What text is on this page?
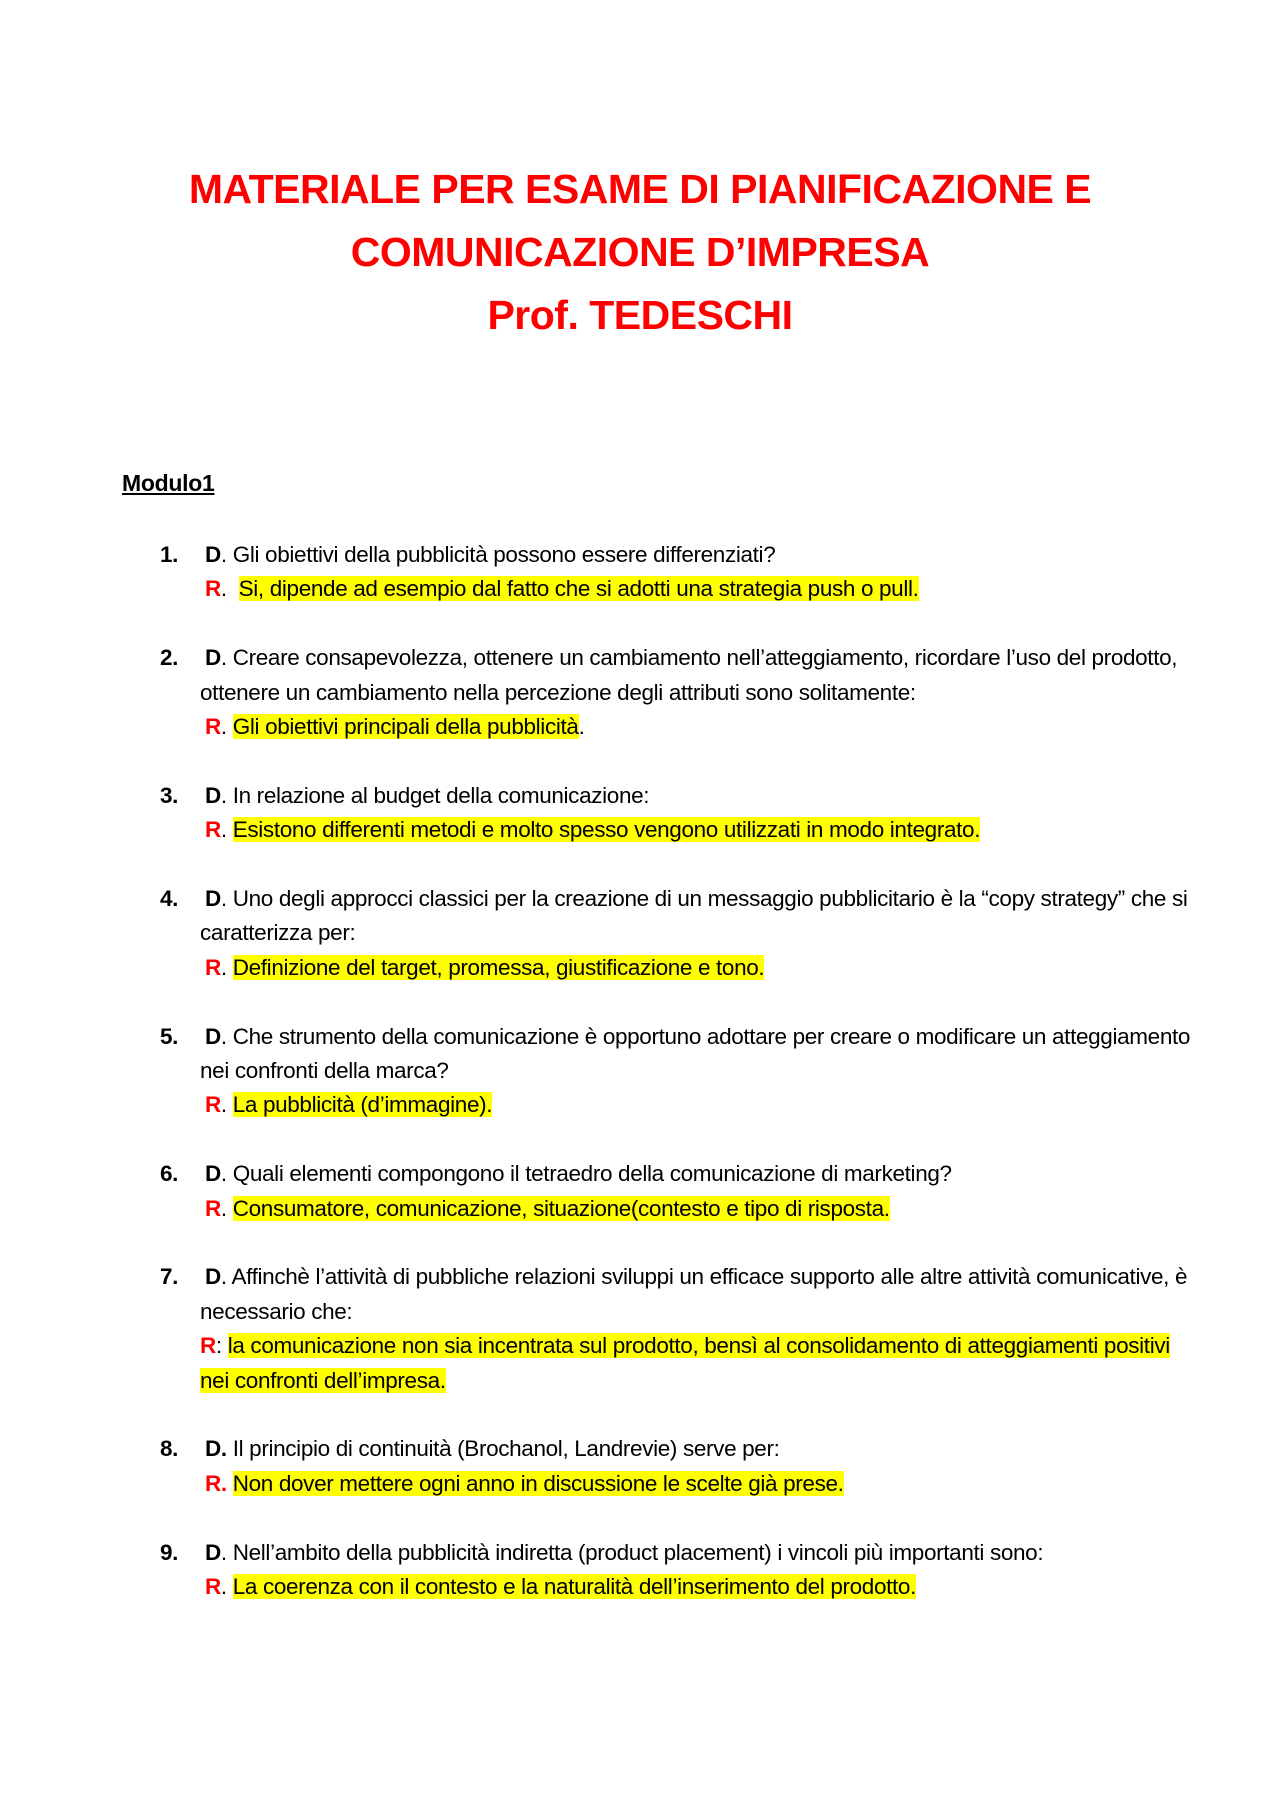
MATERIALE PER ESAME DI PIANIFICAZIONE E
COMUNICAZIONE D’IMPRESA
Prof. TEDESCHI
Modulo1
1. D. Gli obiettivi della pubblicità possono essere differenziati?
R.  Si, dipende ad esempio dal fatto che si adotti una strategia push o pull.
2. D. Creare consapevolezza, ottenere un cambiamento nell’atteggiamento, ricordare l’uso del prodotto, ottenere un cambiamento nella percezione degli attributi sono solitamente:
R. Gli obiettivi principali della pubblicità.
3. D. In relazione al budget della comunicazione:
R. Esistono differenti metodi e molto spesso vengono utilizzati in modo integrato.
4. D. Uno degli approcci classici per la creazione di un messaggio pubblicitario è la “copy strategy” che si caratterizza per:
R. Definizione del target, promessa, giustificazione e tono.
5. D. Che strumento della comunicazione è opportuno adottare per creare o modificare un atteggiamento nei confronti della marca?
R. La pubblicità (d’immagine).
6. D. Quali elementi compongono il tetraedro della comunicazione di marketing?
R. Consumatore, comunicazione, situazione(contesto e tipo di risposta.
7. D. Affinchè l’attività di pubbliche relazioni sviluppi un efficace supporto alle altre attività comunicative, è necessario che:
R: la comunicazione non sia incentrata sul prodotto, bensì al consolidamento di atteggiamenti positivi nei confronti dell’impresa.
8. D. Il principio di continuità (Brochanol, Landrevie) serve per:
R. Non dover mettere ogni anno in discussione le scelte già prese.
9. D. Nell’ambito della pubblicità indiretta (product placement) i vincoli più importanti sono:
R. La coerenza con il contesto e la naturalità dell’inserimento del prodotto.
